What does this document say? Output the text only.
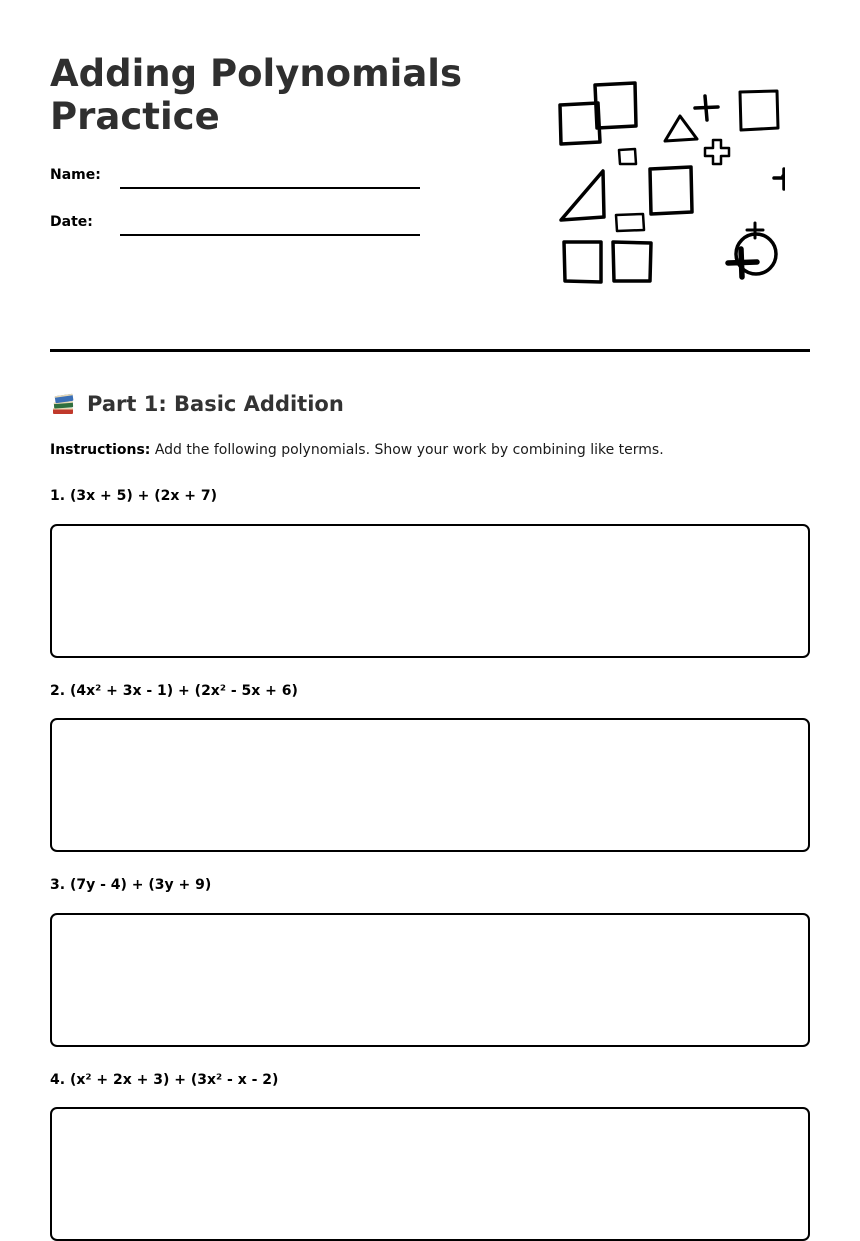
Adding Polynomials
Practice
Name:
Date:
Part 1: Basic Addition
Instructions: Add the following polynomials. Show your work by combining like terms.
1. (3x + 5) + (2x + 7)
2. (4x² + 3x - 1) + (2x² - 5x + 6)
3. (7y - 4) + (3y + 9)
4. (x² + 2x + 3) + (3x² - x - 2)
